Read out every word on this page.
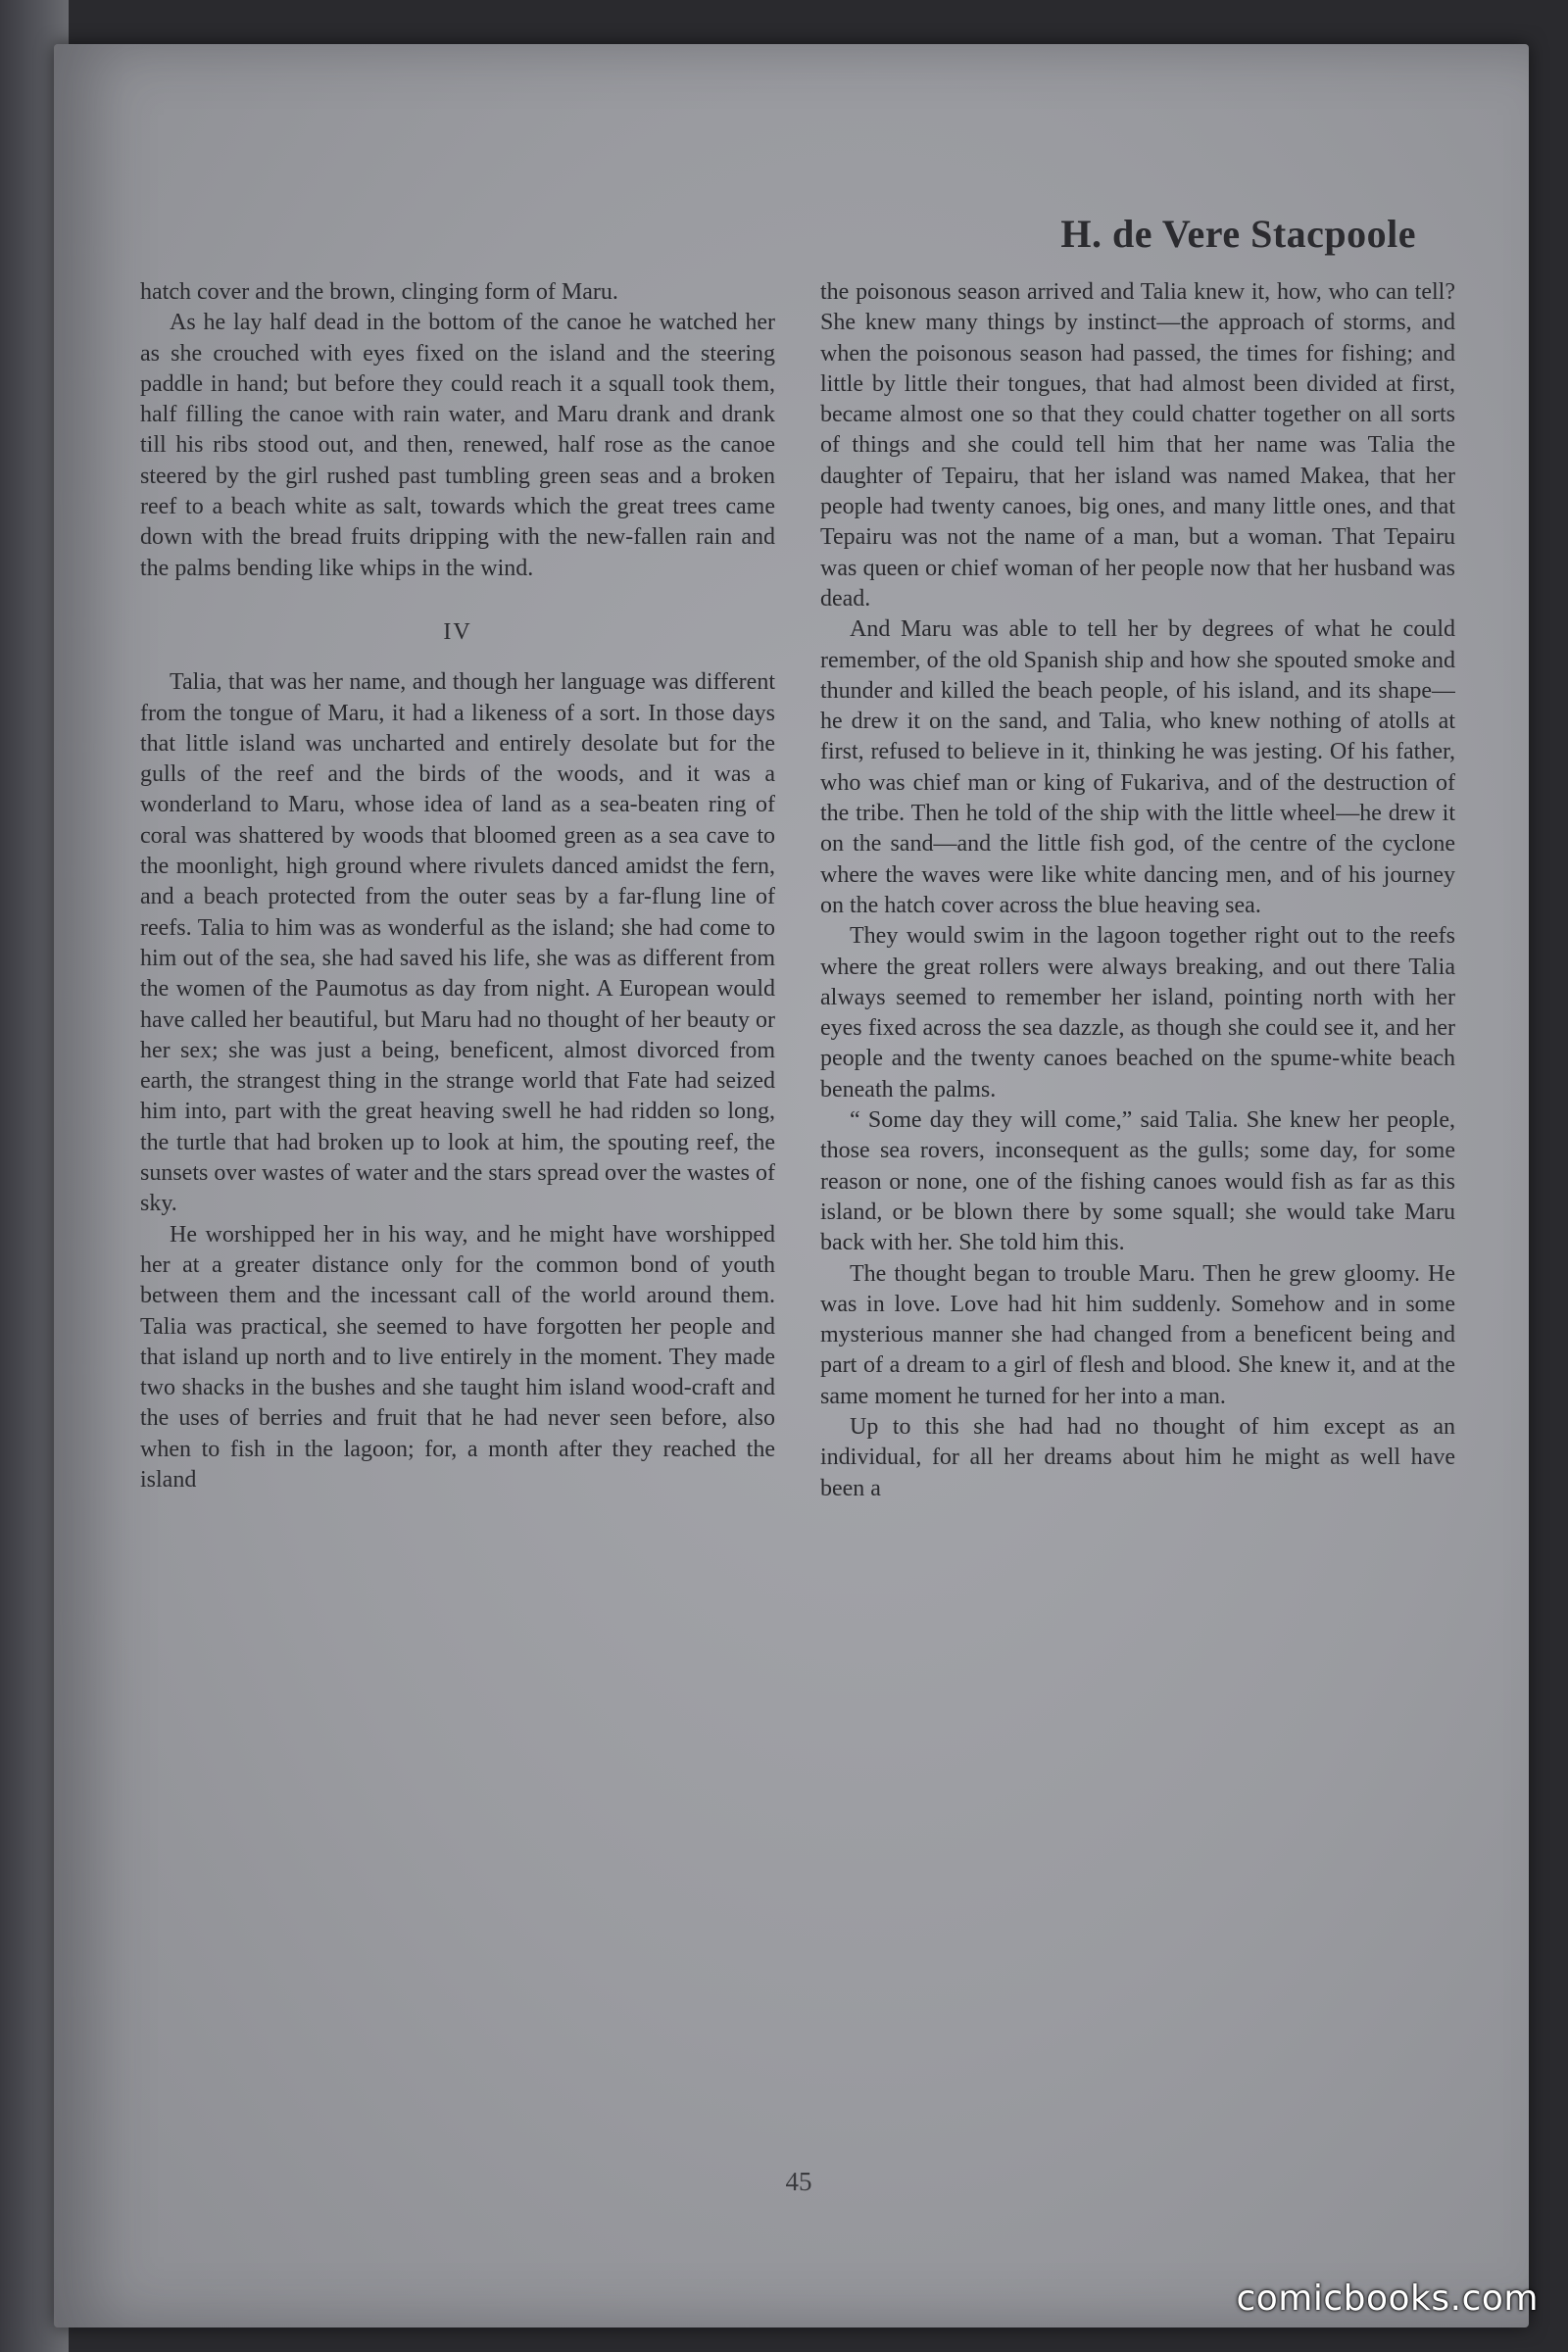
H. de Vere Stacpoole

hatch cover and the brown, clinging form of Maru.

As he lay half dead in the bottom of the canoe he watched her as she crouched with eyes fixed on the island and the steering paddle in hand; but before they could reach it a squall took them, half filling the canoe with rain water, and Maru drank and drank till his ribs stood out, and then, renewed, half rose as the canoe steered by the girl rushed past tumbling green seas and a broken reef to a beach white as salt, towards which the great trees came down with the bread fruits dripping with the new-fallen rain and the palms bending like whips in the wind.

IV

Talia, that was her name, and though her language was different from the tongue of Maru, it had a likeness of a sort. In those days that little island was uncharted and entirely desolate but for the gulls of the reef and the birds of the woods, and it was a wonderland to Maru, whose idea of land as a sea-beaten ring of coral was shattered by woods that bloomed green as a sea cave to the moonlight, high ground where rivulets danced amidst the fern, and a beach protected from the outer seas by a far-flung line of reefs. Talia to him was as wonderful as the island; she had come to him out of the sea, she had saved his life, she was as different from the women of the Paumotus as day from night. A European would have called her beautiful, but Maru had no thought of her beauty or her sex; she was just a being, beneficent, almost divorced from earth, the strangest thing in the strange world that Fate had seized him into, part with the great heaving swell he had ridden so long, the turtle that had broken up to look at him, the spouting reef, the sunsets over wastes of water and the stars spread over the wastes of sky.

He worshipped her in his way, and he might have worshipped her at a greater distance only for the common bond of youth between them and the incessant call of the world around them. Talia was practical, she seemed to have forgotten her people and that island up north and to live entirely in the moment. They made two shacks in the bushes and she taught him island wood-craft and the uses of berries and fruit that he had never seen before, also when to fish in the lagoon; for, a month after they reached the island

the poisonous season arrived and Talia knew it, how, who can tell? She knew many things by instinct—the approach of storms, and when the poisonous season had passed, the times for fishing; and little by little their tongues, that had almost been divided at first, became almost one so that they could chatter together on all sorts of things and she could tell him that her name was Talia the daughter of Tepairu, that her island was named Makea, that her people had twenty canoes, big ones, and many little ones, and that Tepairu was not the name of a man, but a woman. That Tepairu was queen or chief woman of her people now that her husband was dead.

And Maru was able to tell her by degrees of what he could remember, of the old Spanish ship and how she spouted smoke and thunder and killed the beach people, of his island, and its shape—he drew it on the sand, and Talia, who knew nothing of atolls at first, refused to believe in it, thinking he was jesting. Of his father, who was chief man or king of Fukariva, and of the destruction of the tribe. Then he told of the ship with the little wheel—he drew it on the sand—and the little fish god, of the centre of the cyclone where the waves were like white dancing men, and of his journey on the hatch cover across the blue heaving sea.

They would swim in the lagoon together right out to the reefs where the great rollers were always breaking, and out there Talia always seemed to remember her island, pointing north with her eyes fixed across the sea dazzle, as though she could see it, and her people and the twenty canoes beached on the spume-white beach beneath the palms.

“ Some day they will come,” said Talia. She knew her people, those sea rovers, inconsequent as the gulls; some day, for some reason or none, one of the fishing canoes would fish as far as this island, or be blown there by some squall; she would take Maru back with her. She told him this.

The thought began to trouble Maru. Then he grew gloomy. He was in love. Love had hit him suddenly. Somehow and in some mysterious manner she had changed from a beneficent being and part of a dream to a girl of flesh and blood. She knew it, and at the same moment he turned for her into a man.

Up to this she had had no thought of him except as an individual, for all her dreams about him he might as well have been a

45
comicbooks.com
